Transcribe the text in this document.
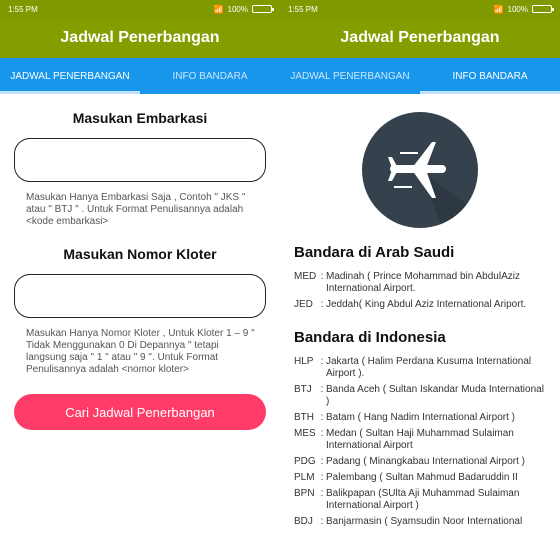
1:55 PM	📶 100%
Jadwal Penerbangan
JADWAL PENERBANGAN	INFO BANDARA
Masukan Embarkasi
Masukan Hanya Embarkasi Saja , Contoh " JKS " atau " BTJ " . Untuk Format Penulisannya adalah <kode embarkasi>
Masukan Nomor Kloter
Masukan Hanya Nomor Kloter , Untuk Kloter 1 – 9 " Tidak Menggunakan 0 Di Depannya " tetapi langsung saja " 1 " atau " 9 ". Untuk Format Penulisannya adalah <nomor kloter>
Cari Jadwal Penerbangan
1:55 PM	📶 100%
Jadwal Penerbangan
JADWAL PENERBANGAN	INFO BANDARA
Bandara di Arab Saudi
MED : Madinah ( Prince Mohammad bin AbdulAziz International Airport.
JED : Jeddah( King Abdul Aziz International Ariport.
Bandara di Indonesia
HLP : Jakarta ( Halim Perdana Kusuma International Airport ).
BTJ : Banda Aceh ( Sultan Iskandar Muda International )
BTH : Batam ( Hang Nadim International Airport )
MES : Medan ( Sultan Haji Muhammad Sulaiman International Airport
PDG : Padang ( Minangkabau International Airport )
PLM : Palembang ( Sultan Mahmud Badaruddin II
BPN : Balikpapan (SUlta Aji Muhammad Sulaiman International Airport )
BDJ : Banjarmasin ( Syamsudin Noor International
